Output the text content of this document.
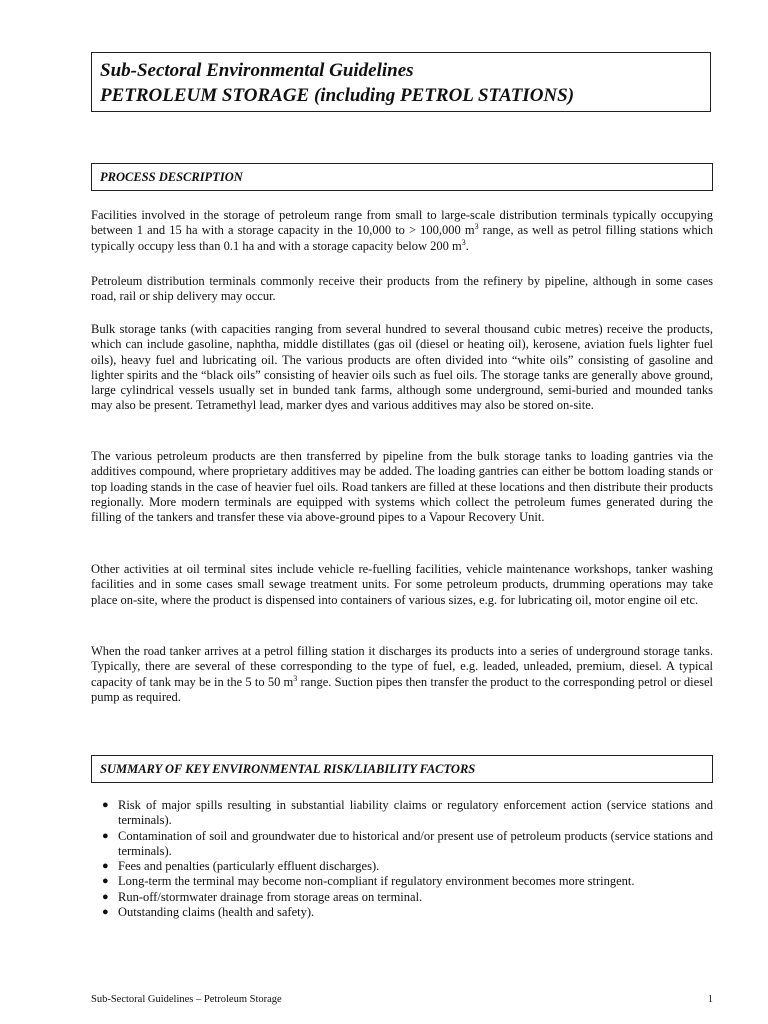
Sub-Sectoral Environmental Guidelines
PETROLEUM STORAGE (including PETROL STATIONS)
PROCESS DESCRIPTION

Facilities involved in the storage of petroleum range from small to large-scale distribution terminals typically occupying between 1 and 15 ha with a storage capacity in the 10,000 to > 100,000 $m^3$ range, as well as petrol filling stations which typically occupy less than 0.1 ha and with a storage capacity below 200 $m^3$.

Petroleum distribution terminals commonly receive their products from the refinery by pipeline, although in some cases road, rail or ship delivery may occur.

Bulk storage tanks (with capacities ranging from several hundred to several thousand cubic metres) receive the products, which can include gasoline, naphtha, middle distillates (gas oil (diesel or heating oil), kerosene, aviation fuels lighter fuel oils), heavy fuel and lubricating oil. The various products are often divided into “white oils” consisting of gasoline and lighter spirits and the “black oils” consisting of heavier oils such as fuel oils. The storage tanks are generally above ground, large cylindrical vessels usually set in bunded tank farms, although some underground, semi-buried and mounded tanks may also be present. Tetramethyl lead, marker dyes and various additives may also be stored on-site.

The various petroleum products are then transferred by pipeline from the bulk storage tanks to loading gantries via the additives compound, where proprietary additives may be added. The loading gantries can either be bottom loading stands or top loading stands in the case of heavier fuel oils. Road tankers are filled at these locations and then distribute their products regionally. More modern terminals are equipped with systems which collect the petroleum fumes generated during the filling of the tankers and transfer these via above-ground pipes to a Vapour Recovery Unit.

Other activities at oil terminal sites include vehicle re-fuelling facilities, vehicle maintenance workshops, tanker washing facilities and in some cases small sewage treatment units. For some petroleum products, drumming operations may take place on-site, where the product is dispensed into containers of various sizes, e.g. for lubricating oil, motor engine oil etc.

When the road tanker arrives at a petrol filling station it discharges its products into a series of underground storage tanks. Typically, there are several of these corresponding to the type of fuel, e.g. leaded, unleaded, premium, diesel. A typical capacity of tank may be in the 5 to 50 $m^3$ range. Suction pipes then transfer the product to the corresponding petrol or diesel pump as required.

SUMMARY OF KEY ENVIRONMENTAL RISK/LIABILITY FACTORS
● Risk of major spills resulting in substantial liability claims or regulatory enforcement action (service stations and terminals).
● Contamination of soil and groundwater due to historical and/or present use of petroleum products (service stations and terminals).
● Fees and penalties (particularly effluent discharges).
● Long-term the terminal may become non-compliant if regulatory environment becomes more stringent.
● Run-off/stormwater drainage from storage areas on terminal.
● Outstanding claims (health and safety).
Sub-Sectoral Guidelines – Petroleum Storage	1
